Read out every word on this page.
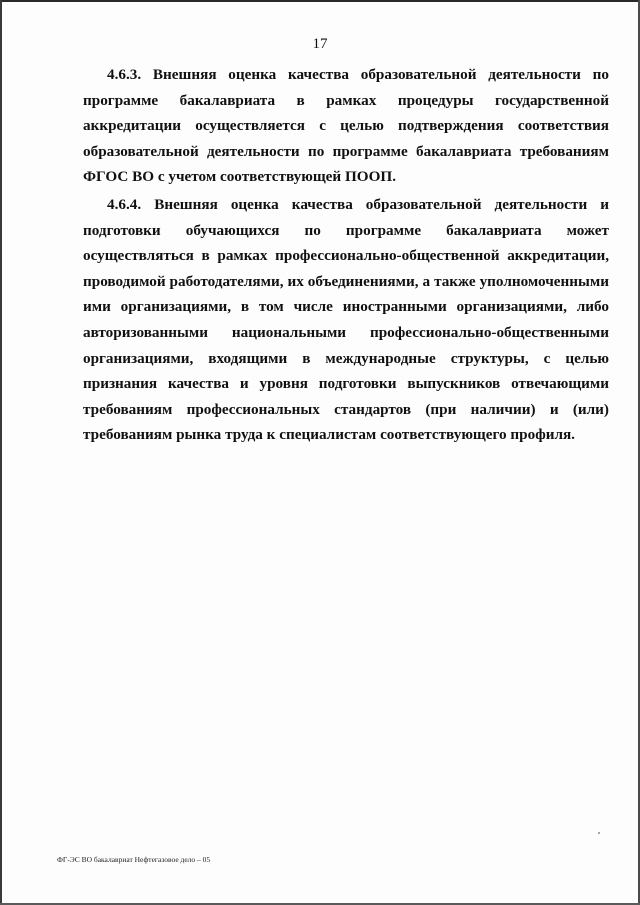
17

4.6.3. Внешняя оценка качества образовательной деятельности по программе бакалавриата в рамках процедуры государственной аккредитации осуществляется с целью подтверждения соответствия образовательной деятельности по программе бакалавриата требованиям ФГОС ВО с учетом соответствующей ПООП.

4.6.4. Внешняя оценка качества образовательной деятельности и подготовки обучающихся по программе бакалавриата может осуществляться в рамках профессионально-общественной аккредитации, проводимой работодателями, их объединениями, а также уполномоченными ими организациями, в том числе иностранными организациями, либо авторизованными национальными профессионально-общественными организациями, входящими в международные структуры, с целью признания качества и уровня подготовки выпускников отвечающими требованиям профессиональных стандартов (при наличии) и (или) требованиям рынка труда к специалистам соответствующего профиля.

ФГ-ЭС ВО бакалавриат Нефтегазовое дело – 05
